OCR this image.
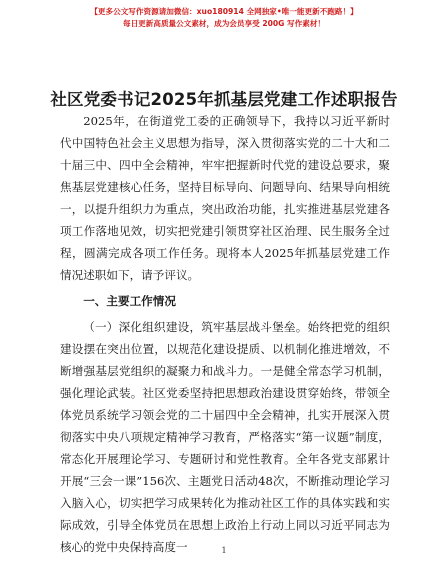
【更多公文写作资源请加微信：xuo180914 全网独家•唯一能更新不跑路！】
每日更新高质量公文素材，成为会员享受 200G 写作素材！
社区党委书记2025年抓基层党建工作述职报告

2025年，在街道党工委的正确领导下，我持以习近平新时代中国特色社会主义思想为指导，深入贯彻落实党的二十大和二十届三中、四中全会精神，牢牢把握新时代党的建设总要求，聚焦基层党建核心任务，坚持目标导向、问题导向、结果导向相统一，以提升组织力为重点，突出政治功能，扎实推进基层党建各项工作落地见效，切实把党建引领贯穿社区治理、民生服务全过程，圆满完成各项工作任务。现将本人2025年抓基层党建工作情况述职如下，请予评议。

一、主要工作情况

（一）深化组织建设，筑牢基层战斗堡垒。始终把党的组织建设摆在突出位置，以规范化建设提质、以机制化推进增效，不断增强基层党组织的凝聚力和战斗力。一是健全常态学习机制，强化理论武装。社区党委坚持把思想政治建设贯穿始终，带领全体党员系统学习领会党的二十届四中全会精神，扎实开展深入贯彻落实中央八项规定精神学习教育，严格落实“第一议题”制度，常态化开展理论学习、专题研讨和党性教育。全年各党支部累计开展“三会一课”156次、主题党日活动48次，不断推动理论学习入脑入心，切实把学习成果转化为推动社区工作的具体实践和实际成效，引导全体党员在思想上政治上行动上同以习近平同志为核心的党中央保持高度一	1
